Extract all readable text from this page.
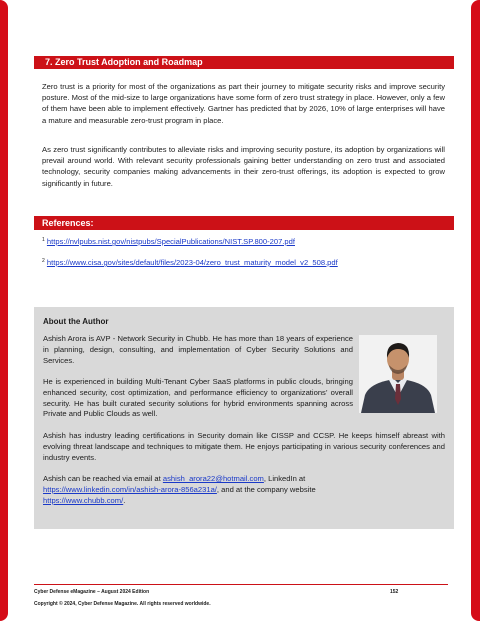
7. Zero Trust Adoption and Roadmap

Zero trust is a priority for most of the organizations as part their journey to mitigate security risks and improve security posture. Most of the mid-size to large organizations have some form of zero trust strategy in place. However, only a few of them have been able to implement effectively. Gartner has predicted that by 2026, 10% of large enterprises will have a mature and measurable zero-trust program in place.

As zero trust significantly contributes to alleviate risks and improving security posture, its adoption by organizations will prevail around world. With relevant security professionals gaining better understanding on zero trust and associated technology, security companies making advancements in their zero-trust offerings, its adoption is expected to grow significantly in future.

References:
$^1$ https://nvlpubs.nist.gov/nistpubs/SpecialPublications/NIST.SP.800-207.pdf
$^2$ https://www.cisa.gov/sites/default/files/2023-04/zero_trust_maturity_model_v2_508.pdf
About the Author

Ashish Arora is AVP - Network Security in Chubb. He has more than 18 years of experience in planning, design, consulting, and implementation of Cyber Security Solutions and Services.

He is experienced in building Multi-Tenant Cyber SaaS platforms in public clouds, bringing enhanced security, cost optimization, and performance efficiency to organizations’ overall security. He has built curated security solutions for hybrid environments spanning across Private and Public Clouds as well.

Ashish has industry leading certifications in Security domain like CISSP and CCSP. He keeps himself abreast with evolving threat landscape and techniques to mitigate them. He enjoys participating in various security conferences and industry events.

Ashish can be reached via email at ashish_arora22@hotmail.com, LinkedIn at
https://www.linkedin.com/in/ashish-arora-856a231a/, and at the company website
https://www.chubb.com/.

Cyber Defense eMagazine – August 2024 Edition	152
Copyright © 2024, Cyber Defense Magazine. All rights reserved worldwide.
